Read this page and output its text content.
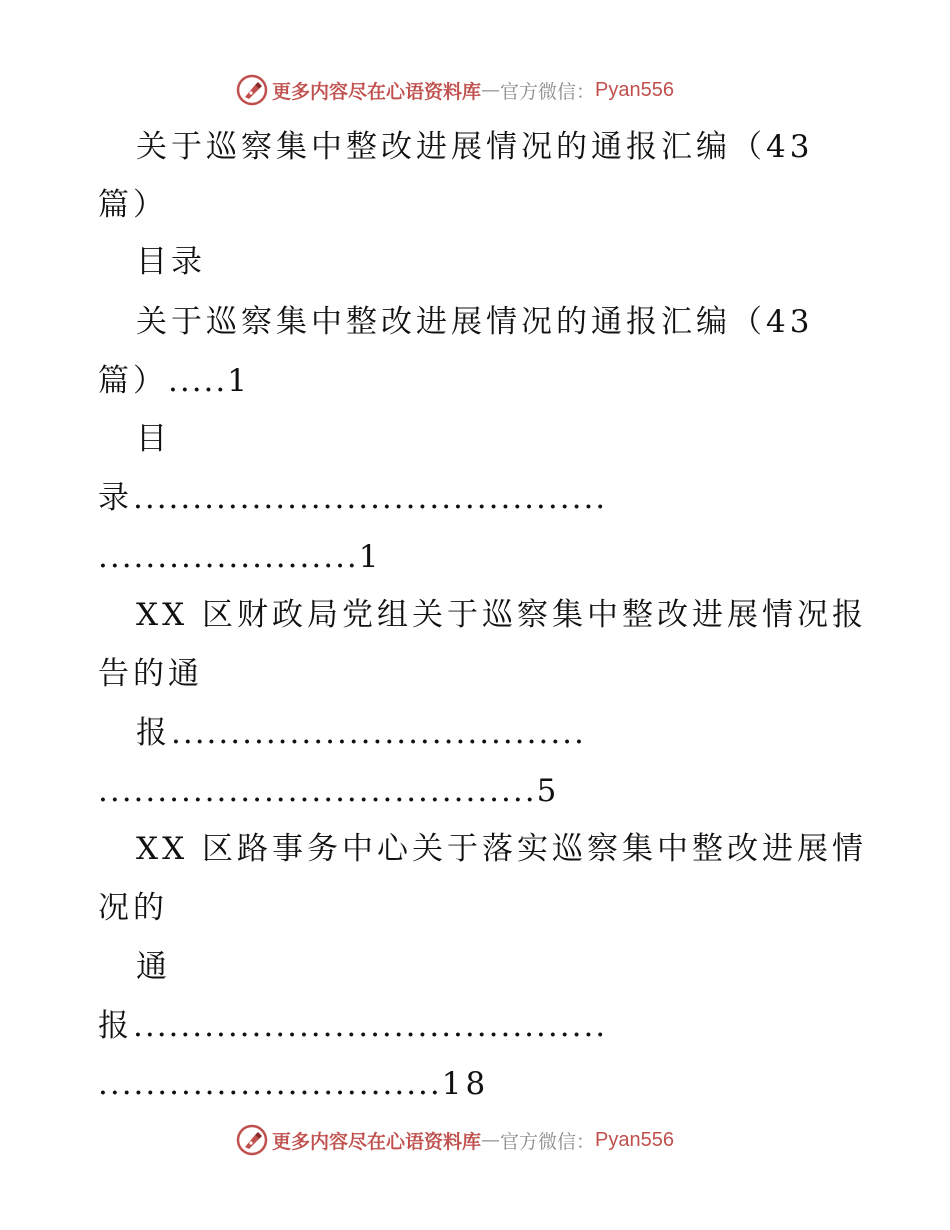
更多内容尽在心语资料库 — 官方微信： Pyan556
关于巡察集中整改进展情况的通报汇编（43
篇）
目录
关于巡察集中整改进展情况的通报汇编（43
篇）.....1
目
录........................................
......................1
XX 区财政局党组关于巡察集中整改进展情况报
告的通
报...................................
.....................................5
XX 区路事务中心关于落实巡察集中整改进展情
况的
通
报........................................
.............................18
更多内容尽在心语资料库 — 官方微信： Pyan556
